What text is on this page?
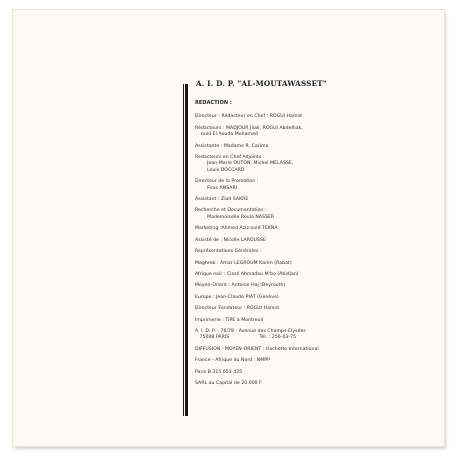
A. I. D. P. "AL-MOUTAWASSET"
REDACTION :
Directeur - Rédacteur en Chef : ROGUI Hamid
Rédacteurs : MADJOUR Jilali, ROGUI Abdelhak,
ould El Aouda Mohamed
Assistante : Madame R. Carima
Redacteurs en Chef Adjoints :
Jean-Marie OUTON, Michel MELASSE,
Louis DOCCARD
Directeur de la Promotion :
Firas ANSARI
Assistant : Ziad SAKRE
Recherche et Documentation :
Mademoiselle Roula NASSER
Marketing :Ahmed Aziz ould TEKNA
Assisté de : Nicolle LAROUSSE
Représentations Générales :
Maghreb : Amar LEGROUM Karim (Rabat)
Afrique noir : Cissé Ahmadou M'bo (Abidjan)
Moyen-Orient : Antoine Haj (Beyrouth)
Europe : Jean-Claude PIAT (Genève)
Directeur Fondateur : ROGUI Hamid
Imprimerie : TIPE à Montreuil
A. I. D. P. - 76/78 - Avenue des Champs-Elysées
75008 PARIS                    Tél. : 256-03-75
DIFFUSION - MOYEN-ORIENT : Hachette International
France - Afrique du Nord : NMPP
Paris B 315 653 435
SARL au Capital de 20.000 F
